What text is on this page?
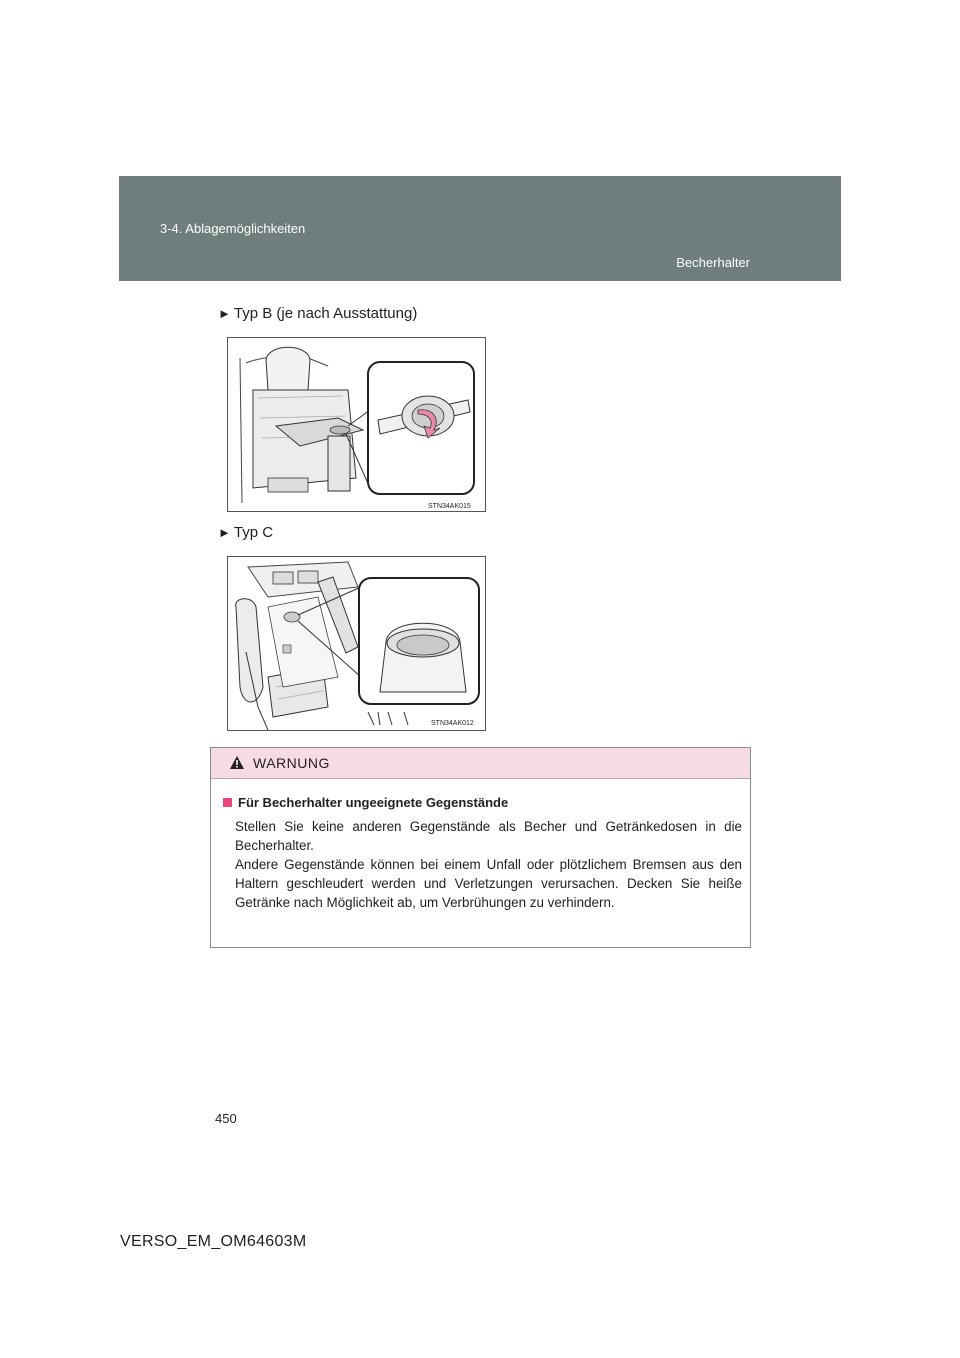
3-4. Ablagemöglichkeiten
Becherhalter
► Typ B (je nach Ausstattung)
STN34AK015
► Typ C
STN34AK012
WARNUNG
Für Becherhalter ungeeignete Gegenstände

Stellen Sie keine anderen Gegenstände als Becher und Getränkedosen in die Becherhalter.

Andere Gegenstände können bei einem Unfall oder plötzlichem Bremsen aus den Haltern geschleudert werden und Verletzungen verursachen. Decken Sie heiße Getränke nach Möglichkeit ab, um Verbrühungen zu verhindern.

450
VERSO_EM_OM64603M
